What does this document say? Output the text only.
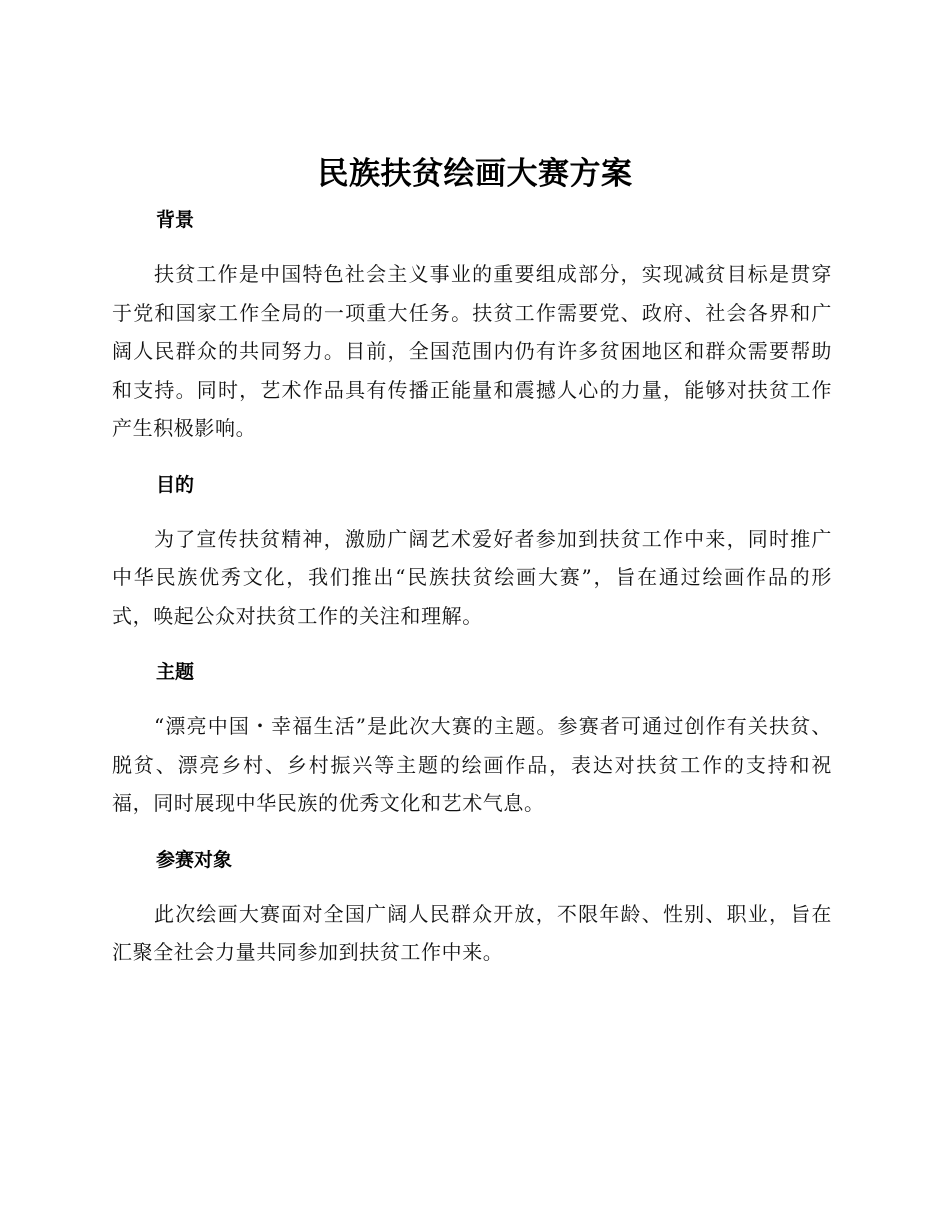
民族扶贫绘画大赛方案
背景

扶贫工作是中国特色社会主义事业的重要组成部分，实现减贫目标是贯穿于党和国家工作全局的一项重大任务。扶贫工作需要党、政府、社会各界和广阔人民群众的共同努力。目前，全国范围内仍有许多贫困地区和群众需要帮助和支持。同时，艺术作品具有传播正能量和震撼人心的力量，能够对扶贫工作产生积极影响。

目的

为了宣传扶贫精神，激励广阔艺术爱好者参加到扶贫工作中来，同时推广中华民族优秀文化，我们推出“民族扶贫绘画大赛”，旨在通过绘画作品的形式，唤起公众对扶贫工作的关注和理解。

主题

“漂亮中国・幸福生活”是此次大赛的主题。参赛者可通过创作有关扶贫、脱贫、漂亮乡村、乡村振兴等主题的绘画作品，表达对扶贫工作的支持和祝福，同时展现中华民族的优秀文化和艺术气息。

参赛对象

此次绘画大赛面对全国广阔人民群众开放，不限年龄、性别、职业，旨在汇聚全社会力量共同参加到扶贫工作中来。
